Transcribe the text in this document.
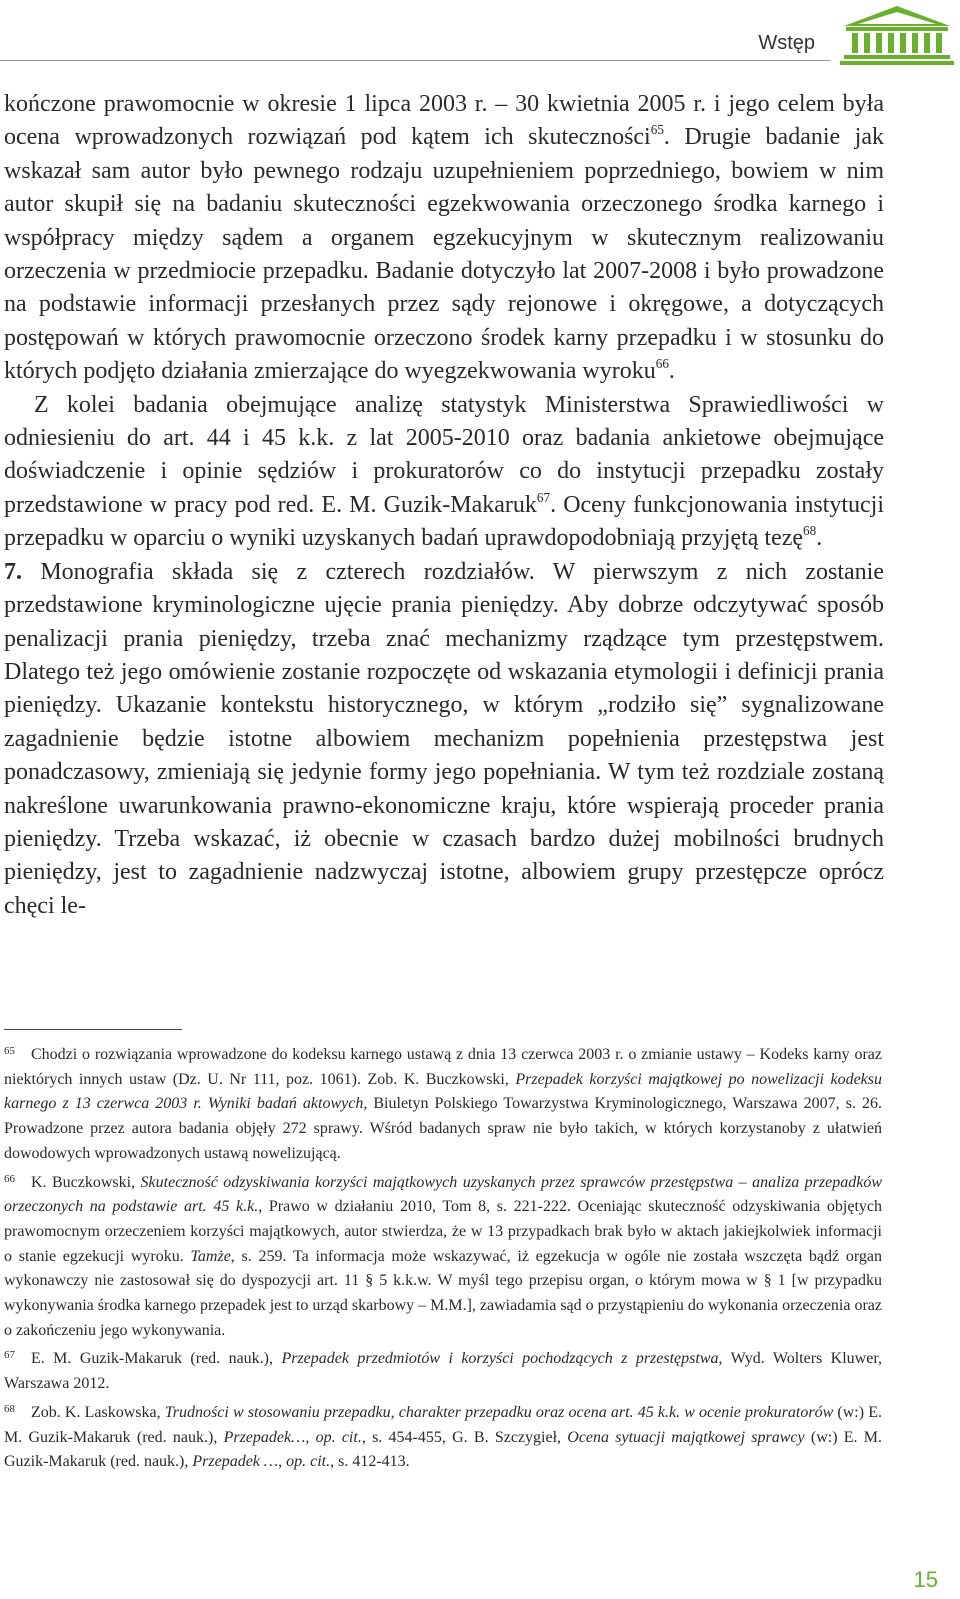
Wstęp

kończone prawomocnie w okresie 1 lipca 2003 r. – 30 kwietnia 2005 r. i jego celem była ocena wprowadzonych rozwiązań pod kątem ich skuteczności$^{65}$. Drugie badanie jak wskazał sam autor było pewnego rodzaju uzupełnieniem poprzedniego, bowiem w nim autor skupił się na badaniu skuteczności egzekwowania orzeczonego środka karnego i współpracy między sądem a organem egzekucyjnym w skutecznym realizowaniu orzeczenia w przedmiocie przepadku. Badanie dotyczyło lat 2007-2008 i było prowadzone na podstawie informacji przesłanych przez sądy rejonowe i okręgowe, a dotyczących postępowań w których prawomocnie orzeczono środek karny przepadku i w stosunku do których podjęto działania zmierzające do wyegzekwowania wyroku$^{66}$.

Z kolei badania obejmujące analizę statystyk Ministerstwa Sprawiedliwości w odniesieniu do art. 44 i 45 k.k. z lat 2005-2010 oraz badania ankietowe obejmujące doświadczenie i opinie sędziów i prokuratorów co do instytucji przepadku zostały przedstawione w pracy pod red. E. M. Guzik-Makaruk$^{67}$. Oceny funkcjonowania instytucji przepadku w oparciu o wyniki uzyskanych badań uprawdopodobniają przyjętą tezę$^{68}$.

7. Monografia składa się z czterech rozdziałów. W pierwszym z nich zostanie przedstawione kryminologiczne ujęcie prania pieniędzy. Aby dobrze odczytywać sposób penalizacji prania pieniędzy, trzeba znać mechanizmy rządzące tym przestępstwem. Dlatego też jego omówienie zostanie rozpoczęte od wskazania etymologii i definicji prania pieniędzy. Ukazanie kontekstu historycznego, w którym „rodziło się” sygnalizowane zagadnienie będzie istotne albowiem mechanizm popełnienia przestępstwa jest ponadczasowy, zmieniają się jedynie formy jego popełniania. W tym też rozdziale zostaną nakreślone uwarunkowania prawno-ekonomiczne kraju, które wspierają proceder prania pieniędzy. Trzeba wskazać, iż obecnie w czasach bardzo dużej mobilności brudnych pieniędzy, jest to zagadnienie nadzwyczaj istotne, albowiem grupy przestępcze oprócz chęci le-

$^{65}$ Chodzi o rozwiązania wprowadzone do kodeksu karnego ustawą z dnia 13 czerwca 2003 r. o zmianie ustawy – Kodeks karny oraz niektórych innych ustaw (Dz. U. Nr 111, poz. 1061). Zob. K. Buczkowski, Przepadek korzyści majątkowej po nowelizacji kodeksu karnego z 13 czerwca 2003 r. Wyniki badań aktowych, Biuletyn Polskiego Towarzystwa Kryminologicznego, Warszawa 2007, s. 26. Prowadzone przez autora badania objęły 272 sprawy. Wśród badanych spraw nie było takich, w których korzystanoby z ułatwień dowodowych wprowadzonych ustawą nowelizującą.

$^{66}$ K. Buczkowski, Skuteczność odzyskiwania korzyści majątkowych uzyskanych przez sprawców przestępstwa – analiza przepadków orzeczonych na podstawie art. 45 k.k., Prawo w działaniu 2010, Tom 8, s. 221-222. Oceniając skuteczność odzyskiwania objętych prawomocnym orzeczeniem korzyści majątkowych, autor stwierdza, że w 13 przypadkach brak było w aktach jakiejkolwiek informacji o stanie egzekucji wyroku. Tamże, s. 259. Ta informacja może wskazywać, iż egzekucja w ogóle nie została wszczęta bądź organ wykonawczy nie zastosował się do dyspozycji art. 11 § 5 k.k.w. W myśl tego przepisu organ, o którym mowa w § 1 [w przypadku wykonywania środka karnego przepadek jest to urząd skarbowy – M.M.], zawiadamia sąd o przystąpieniu do wykonania orzeczenia oraz o zakończeniu jego wykonywania.

$^{67}$ E. M. Guzik-Makaruk (red. nauk.), Przepadek przedmiotów i korzyści pochodzących z przestępstwa, Wyd. Wolters Kluwer, Warszawa 2012.

$^{68}$ Zob. K. Laskowska, Trudności w stosowaniu przepadku, charakter przepadku oraz ocena art. 45 k.k. w ocenie prokuratorów (w:) E. M. Guzik-Makaruk (red. nauk.), Przepadek…, op. cit., s. 454-455, G. B. Szczygieł, Ocena sytuacji majątkowej sprawcy (w:) E. M. Guzik-Makaruk (red. nauk.), Przepadek …, op. cit., s. 412-413.

15
